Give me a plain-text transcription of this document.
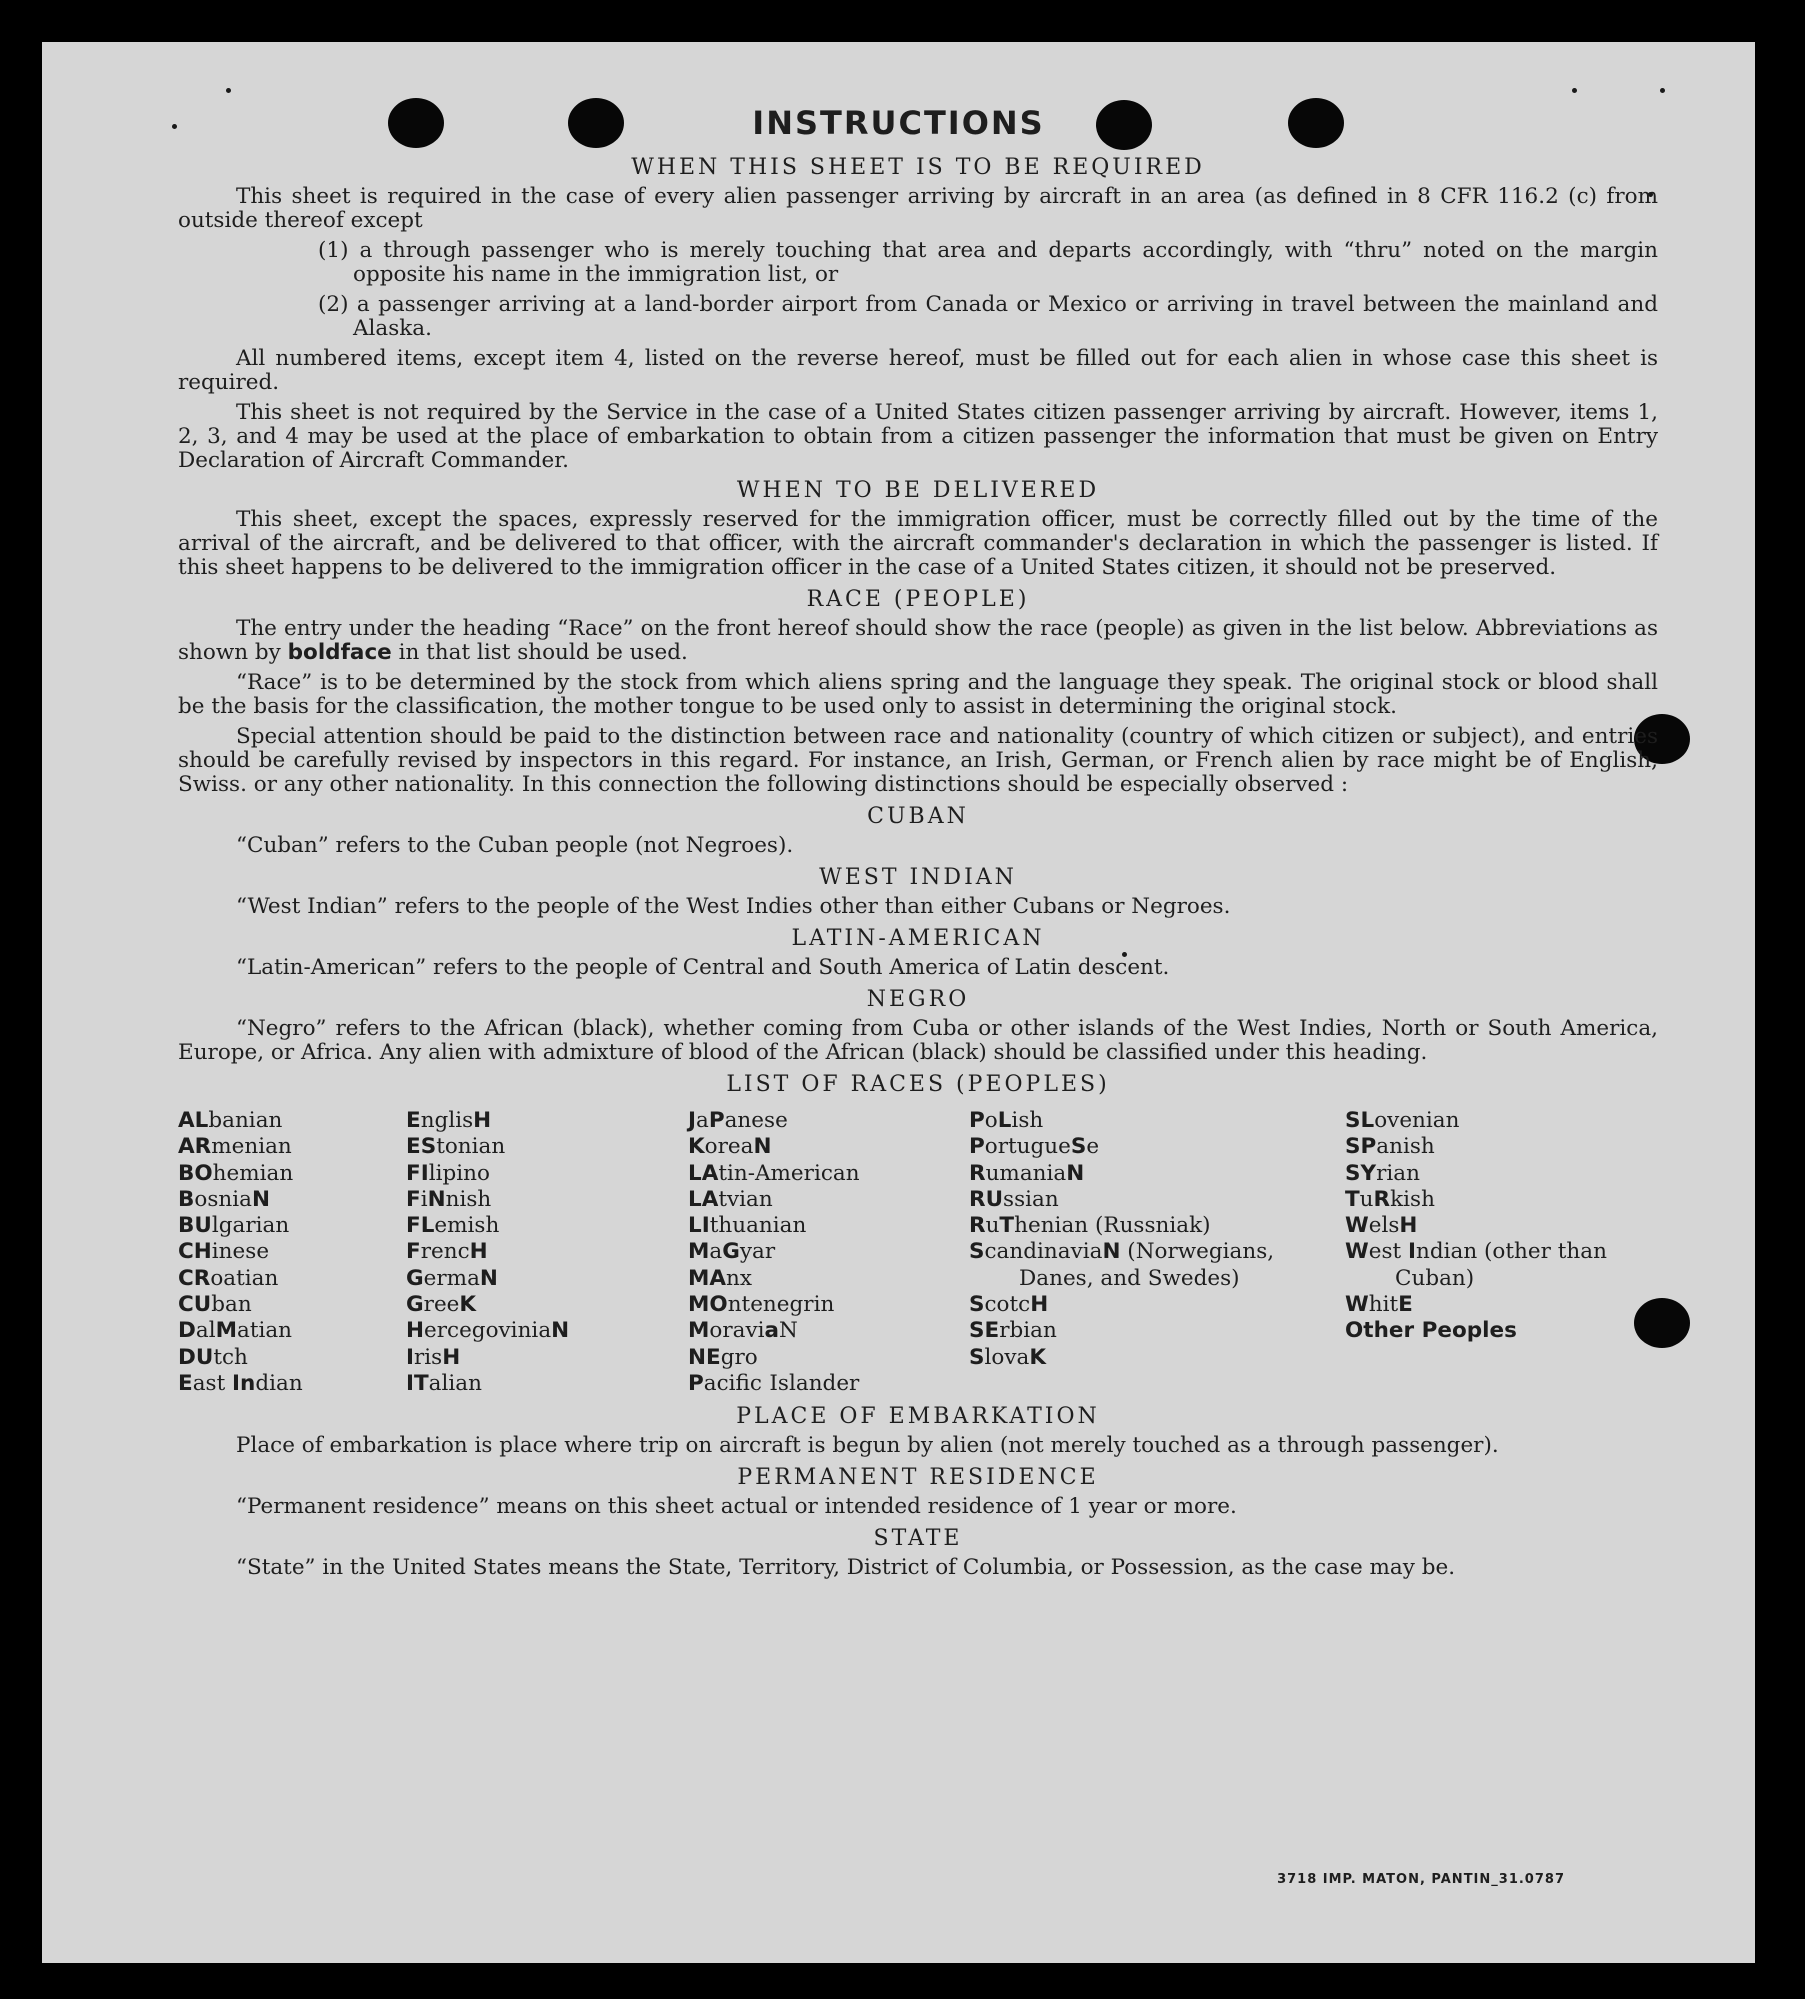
INSTRUCTIONS
WHEN THIS SHEET IS TO BE REQUIRED

This sheet is required in the case of every alien passenger arriving by aircraft in an area (as defined in 8 CFR 116.2 (c) from outside thereof except

(1) a through passenger who is merely touching that area and departs accordingly, with “thru” noted on the margin opposite his name in the immigration list, or

(2) a passenger arriving at a land-border airport from Canada or Mexico or arriving in travel between the mainland and Alaska.

All numbered items, except item 4, listed on the reverse hereof, must be filled out for each alien in whose case this sheet is required.

This sheet is not required by the Service in the case of a United States citizen passenger arriving by aircraft. However, items 1, 2, 3, and 4 may be used at the place of embarkation to obtain from a citizen passenger the information that must be given on Entry Declaration of Aircraft Commander.

WHEN TO BE DELIVERED

This sheet, except the spaces, expressly reserved for the immigration officer, must be correctly filled out by the time of the arrival of the aircraft, and be delivered to that officer, with the aircraft commander's declaration in which the passenger is listed. If this sheet happens to be delivered to the immigration officer in the case of a United States citizen, it should not be preserved.

RACE (PEOPLE)

The entry under the heading “Race” on the front hereof should show the race (people) as given in the list below. Abbreviations as shown by boldface in that list should be used.

“Race” is to be determined by the stock from which aliens spring and the language they speak. The original stock or blood shall be the basis for the classification, the mother tongue to be used only to assist in determining the original stock.

Special attention should be paid to the distinction between race and nationality (country of which citizen or subject), and entries should be carefully revised by inspectors in this regard. For instance, an Irish, German, or French alien by race might be of English, Swiss. or any other nationality. In this connection the following distinctions should be especially observed :

CUBAN

“Cuban” refers to the Cuban people (not Negroes).

WEST INDIAN

“West Indian” refers to the people of the West Indies other than either Cubans or Negroes.

LATIN-AMERICAN

“Latin-American” refers to the people of Central and South America of Latin descent.

NEGRO

“Negro” refers to the African (black), whether coming from Cuba or other islands of the West Indies, North or South America, Europe, or Africa. Any alien with admixture of blood of the African (black) should be classified under this heading.

LIST OF RACES (PEOPLES)
ALbanian
ARmenian
BOhemian
BosniaN
BUlgarian
CHinese
CRoatian
CUban
DalMatian
DUtch
East Indian
EnglisH
EStonian
FIlipino
FiNnish
FLemish
FrencH
GermaN
GreeK
HercegoviniaN
IrisH
ITalian
JaPanese
KoreaN
LAtin-American
LAtvian
LIthuanian
MaGyar
MAnx
MOntenegrin
MoraviaN
NEgro
Pacifc Islander
PoLish
PortugueSe
RumaniaN
RUssian
RuThenian (Russniak)
ScandinaviaN (Norwegians, Danes, and Swedes)
ScotcH
SErbian
SlovaK
SLovenian
SPanish
SYrian
TuRkish
WelsH
West Indian (other than Cuban)
WhitE
Other Peoples
PLACE OF EMBARKATION

Place of embarkation is place where trip on aircraft is begun by alien (not merely touched as a through passenger).

PERMANENT RESIDENCE

“Permanent residence” means on this sheet actual or intended residence of 1 year or more.

STATE

“State” in the United States means the State, Territory, District of Columbia, or Possession, as the case may be.

3718 IMP. MATON, PANTIN_31.0787
